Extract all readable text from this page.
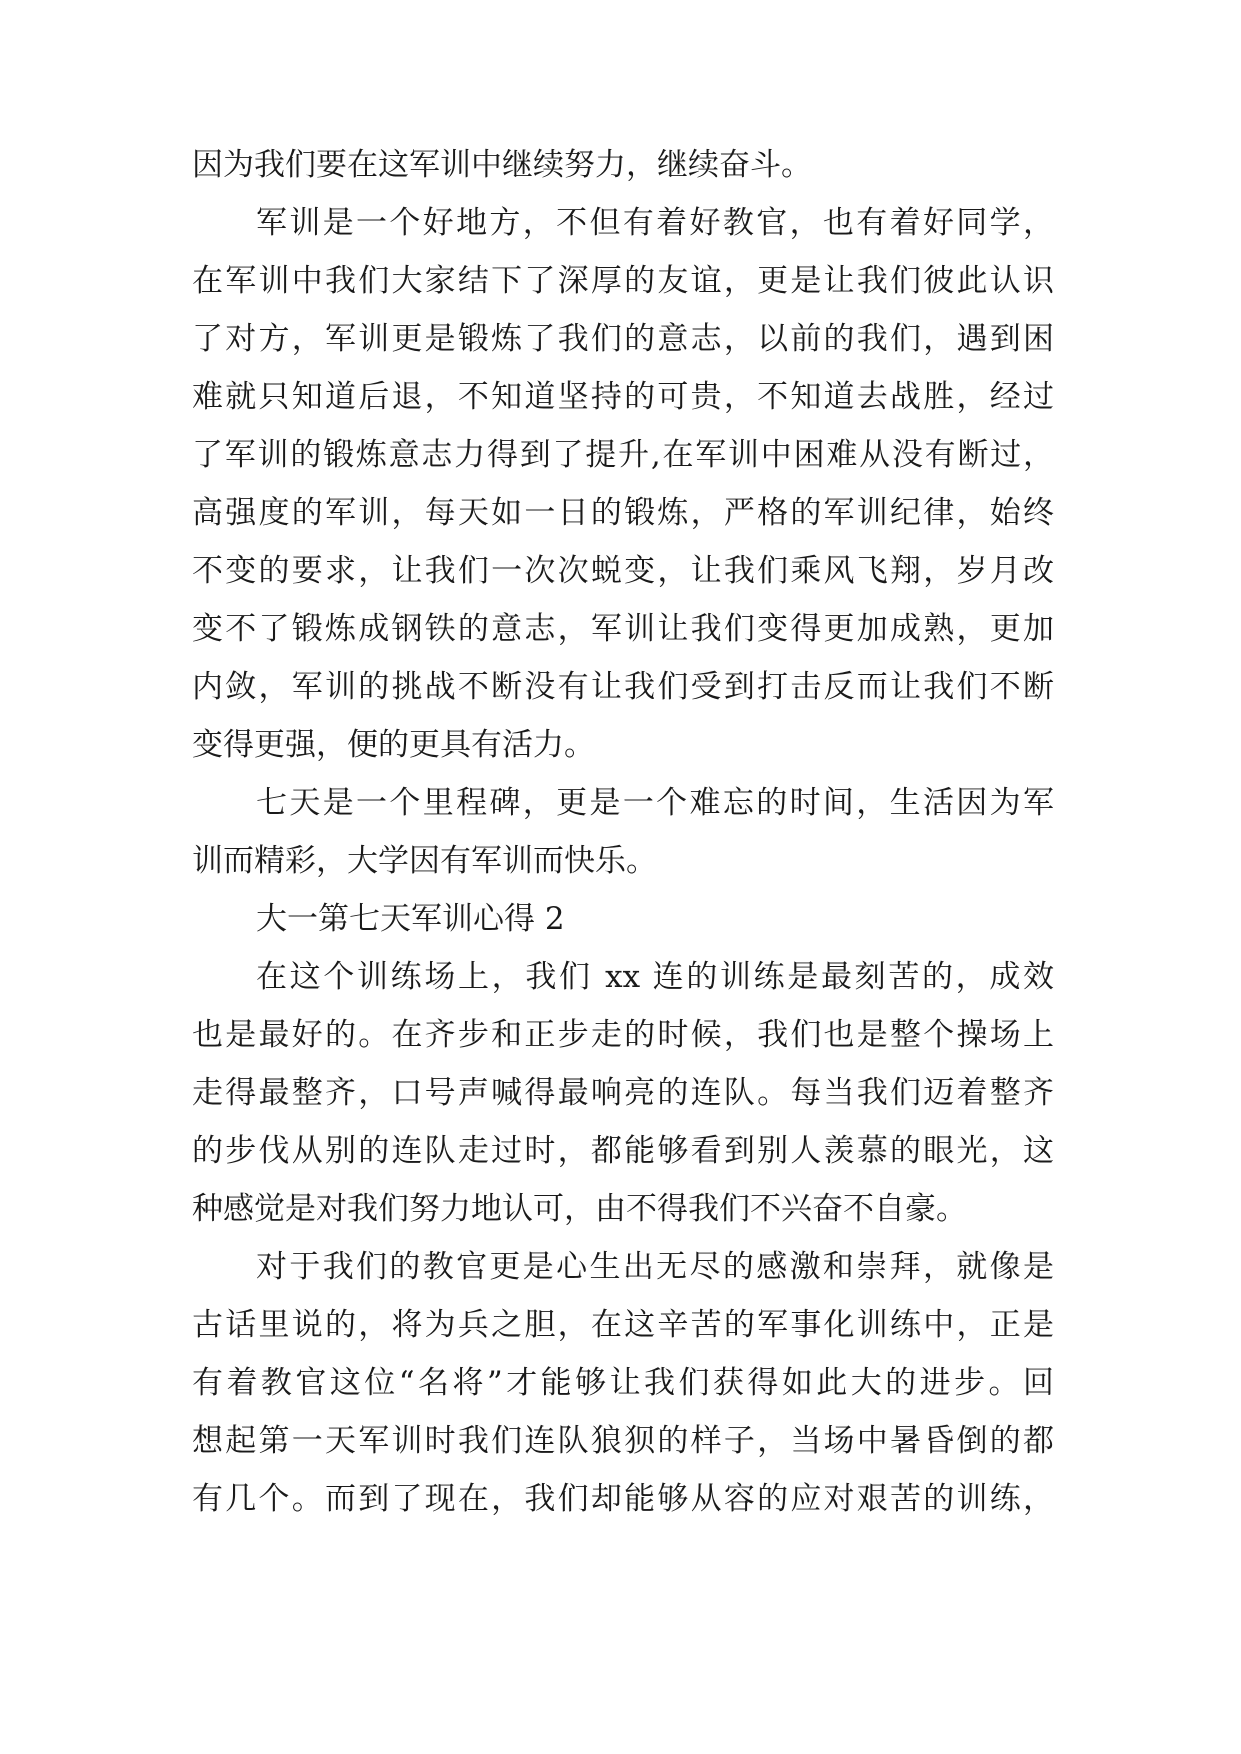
因为我们要在这军训中继续努力，继续奋斗。
军训是一个好地方，不但有着好教官，也有着好同学，
在军训中我们大家结下了深厚的友谊，更是让我们彼此认识
了对方，军训更是锻炼了我们的意志，以前的我们，遇到困
难就只知道后退，不知道坚持的可贵，不知道去战胜，经过
了军训的锻炼意志力得到了提升,在军训中困难从没有断过，
高强度的军训，每天如一日的锻炼，严格的军训纪律，始终
不变的要求，让我们一次次蜕变，让我们乘风飞翔，岁月改
变不了锻炼成钢铁的意志，军训让我们变得更加成熟，更加
内敛，军训的挑战不断没有让我们受到打击反而让我们不断
变得更强，便的更具有活力。
七天是一个里程碑，更是一个难忘的时间，生活因为军
训而精彩，大学因有军训而快乐。
大一第七天军训心得 2
在这个训练场上，我们 xx 连的训练是最刻苦的，成效
也是最好的。在齐步和正步走的时候，我们也是整个操场上
走得最整齐，口号声喊得最响亮的连队。每当我们迈着整齐
的步伐从别的连队走过时，都能够看到别人羡慕的眼光，这
种感觉是对我们努力地认可，由不得我们不兴奋不自豪。
对于我们的教官更是心生出无尽的感激和崇拜，就像是
古话里说的，将为兵之胆，在这辛苦的军事化训练中，正是
有着教官这位“名将”才能够让我们获得如此大的进步。回
想起第一天军训时我们连队狼狈的样子，当场中暑昏倒的都
有几个。而到了现在，我们却能够从容的应对艰苦的训练，
